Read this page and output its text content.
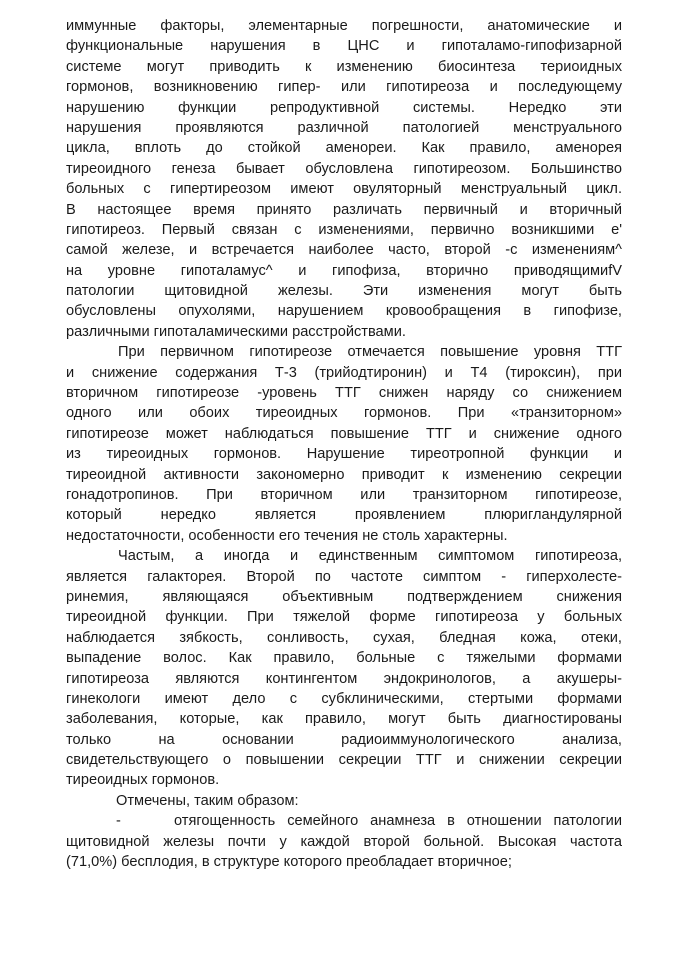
иммунные факторы, элементарные погрешности, анатомические и
функциональные нарушения в ЦНС и гипоталамо-гипофизарной
системе могут приводить к изменению биосинтеза териоидных
гормонов, возникновению гипер- или гипотиреоза и последующему
нарушению функции репродуктивной системы. Нередко эти
нарушения проявляются различной патологией менструального
цикла, вплоть до стойкой аменореи. Как правило, аменорея
тиреоидного генеза бывает обусловлена гипотиреозом. Большинство
больных с гипертиреозом имеют овуляторный менструальный цикл.
В настоящее время принято различать первичный и вторичный
гипотиреоз. Первый связан с изменениями, первично возникшими е'
самой железе, и встречается наиболее часто, второй -с изменениям^
на уровне гипоталамус^ и гипофиза, вторично приводящимиfV
патологии щитовидной железы. Эти изменения могут быть
обусловлены опухолями, нарушением кровообращения в гипофизе,
различными гипоталамическими расстройствами.
При первичном гипотиреозе отмечается повышение уровня ТТГ
и снижение содержания Т-3 (трийодтиронин) и Т4 (тироксин), при
вторичном гипотиреозе -уровень ТТГ снижен наряду со снижением
одного или обоих тиреоидных гормонов. При «транзиторном»
гипотиреозе может наблюдаться повышение ТТГ и снижение одного
из тиреоидных гормонов. Нарушение тиреотропной функции и
тиреоидной активности закономерно приводит к изменению секреции
гонадотропинов. При вторичном или транзиторном гипотиреозе,
который нередко является проявлением плюригландулярной
недостаточности, особенности его течения не столь характерны.
Частым, а иногда и единственным симптомом гипотиреоза,
является галакторея. Второй по частоте симптом - гиперхолесте-
ринемия, являющаяся объективным подтверждением снижения
тиреоидной функции. При тяжелой форме гипотиреоза у больных
наблюдается зябкость, сонливость, сухая, бледная кожа, отеки,
выпадение волос. Как правило, больные с тяжелыми формами
гипотиреоза являются контингентом эндокринологов, а акушеры-
гинекологи имеют дело с субклиническими, стертыми формами
заболевания, которые, как правило, могут быть диагностированы
только на основании радиоиммунологического анализа,
свидетельствующего о повышении секреции ТТГ и снижении секреции
тиреоидных гормонов.
Отмечены, таким образом:
-	отягощенность семейного анамнеза в отношении патологии
щитовидной железы почти у каждой второй больной. Высокая частота
(71,0%) бесплодия, в структуре которого преобладает вторичное;
